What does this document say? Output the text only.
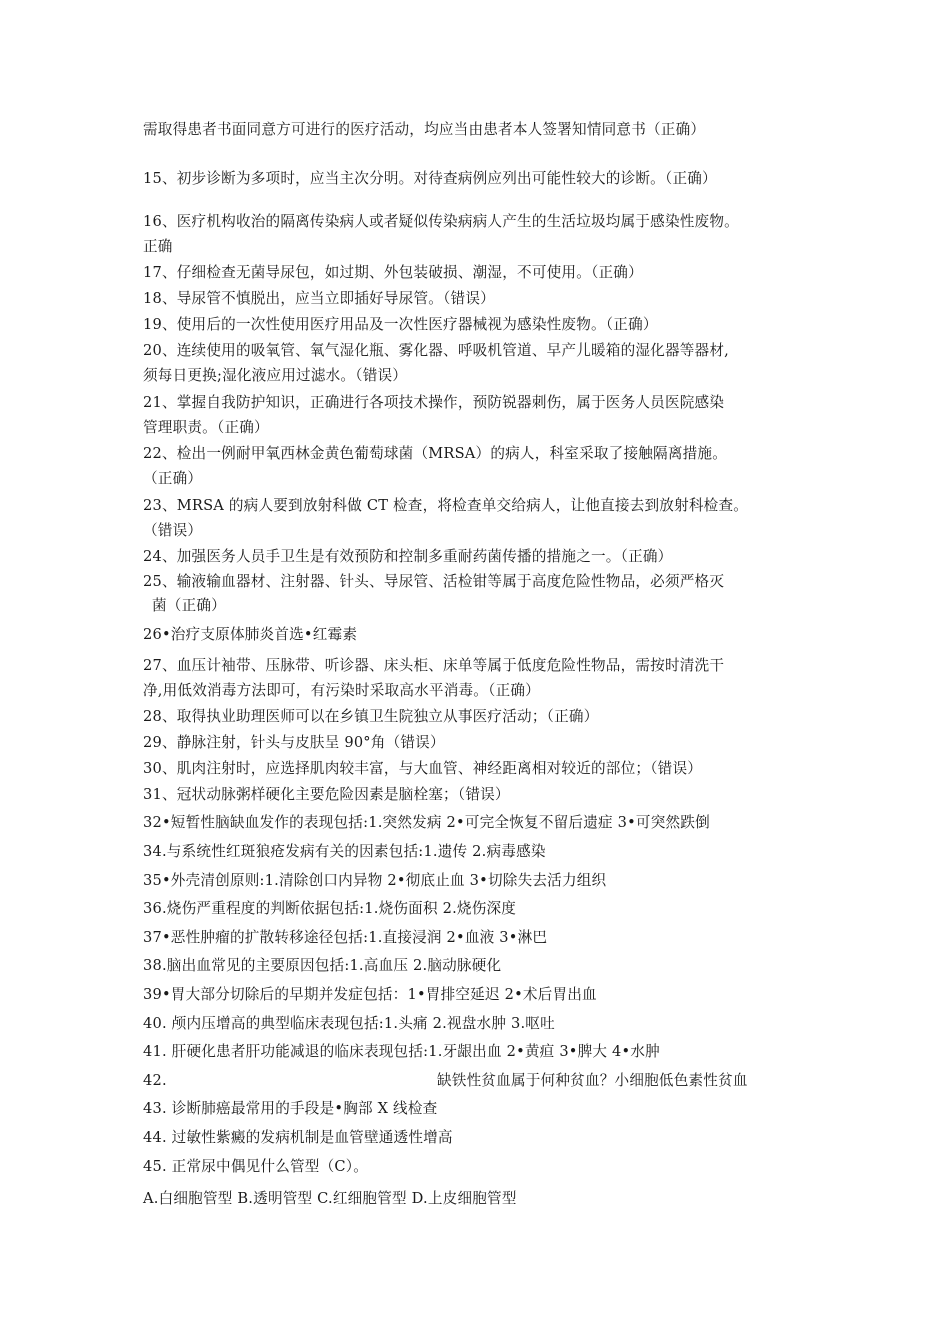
需取得患者书面同意方可进行的医疗活动，均应当由患者本人签署知情同意书（正确）
15、初步诊断为多项时，应当主次分明。对待查病例应列出可能性较大的诊断。（正确）
16、医疗机构收治的隔离传染病人或者疑似传染病病人产生的生活垃圾均属于感染性废物。
正确
17、仔细检查无菌导尿包，如过期、外包装破损、潮湿，不可使用。（正确）
18、导尿管不慎脱出，应当立即插好导尿管。（错误）
19、使用后的一次性使用医疗用品及一次性医疗器械视为感染性废物。（正确）
20、连续使用的吸氧管、氧气湿化瓶、雾化器、呼吸机管道、早产儿暖箱的湿化器等器材,
须每日更换;湿化液应用过滤水。（错误）
21、掌握自我防护知识，正确进行各项技术操作，预防锐器刺伤，属于医务人员医院感染
管理职责。（正确）
22、检出一例耐甲氧西林金黄色葡萄球菌（MRSA）的病人，科室采取了接触隔离措施。
（正确）
23、MRSA 的病人要到放射科做 CT 检查，将检查单交给病人，让他直接去到放射科检查。
（错误）
24、加强医务人员手卫生是有效预防和控制多重耐药菌传播的措施之一。（正确）
25、输液输血器材、注射器、针头、导尿管、活检钳等属于高度危险性物品，必须严格灭
菌（正确）
26•治疗支原体肺炎首选•红霉素
27、血压计袖带、压脉带、听诊器、床头柜、床单等属于低度危险性物品，需按时清洗干
净,用低效消毒方法即可，有污染时采取高水平消毒。（正确）
28、取得执业助理医师可以在乡镇卫生院独立从事医疗活动；（正确）
29、静脉注射，针头与皮肤呈 90°角（错误）
30、肌肉注射时，应选择肌肉较丰富，与大血管、神经距离相对较近的部位；（错误）
31、冠状动脉粥样硬化主要危险因素是脑栓塞；（错误）
32•短暂性脑缺血发作的表现包括:1.突然发病 2•可完全恢复不留后遗症 3•可突然跌倒
34.与系统性红斑狼疮发病有关的因素包括:1.遗传 2.病毒感染
35•外壳清创原则:1.清除创口内异物 2•彻底止血 3•切除失去活力组织
36.烧伤严重程度的判断依据包括:1.烧伤面积 2.烧伤深度
37•恶性肿瘤的扩散转移途径包括:1.直接浸润 2•血液 3•淋巴
38.脑出血常见的主要原因包括:1.高血压 2.脑动脉硬化
39•胃大部分切除后的早期并发症包括：1•胃排空延迟 2•术后胃出血
40. 颅内压增高的典型临床表现包括:1.头痛 2.视盘水肿 3.呕吐
41. 肝硬化患者肝功能减退的临床表现包括:1.牙龈出血 2•黄疸 3•脾大 4•水肿
42.	缺铁性贫血属于何种贫血？小细胞低色素性贫血
43. 诊断肺癌最常用的手段是•胸部 X 线检查
44. 过敏性紫癜的发病机制是血管壁通透性增高
45. 正常尿中偶见什么管型（C）。
A.白细胞管型 B.透明管型 C.红细胞管型 D.上皮细胞管型
